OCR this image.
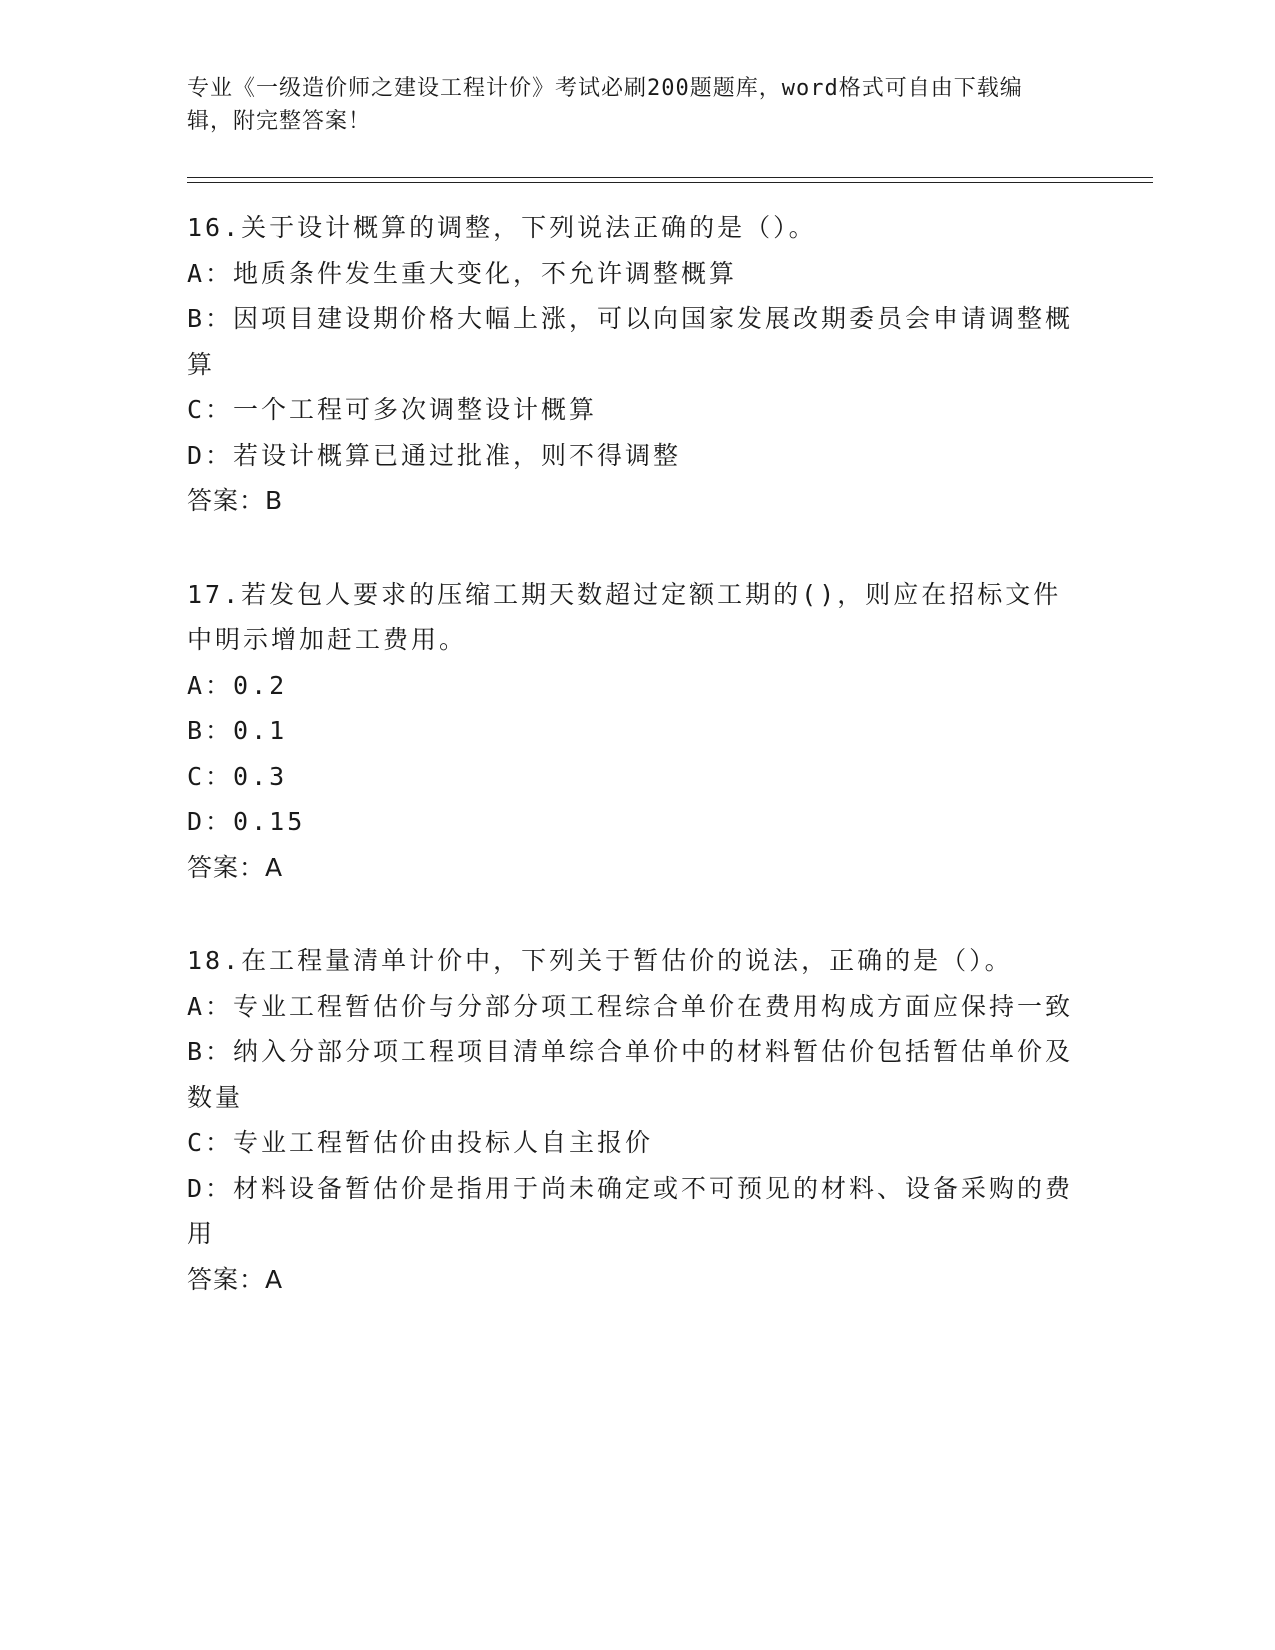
专业《一级造价师之建设工程计价》考试必刷200题题库，word格式可自由下载编辑，附完整答案！
16.关于设计概算的调整，下列说法正确的是（）。
A：地质条件发生重大变化，不允许调整概算
B：因项目建设期价格大幅上涨，可以向国家发展改期委员会申请调整概算
C：一个工程可多次调整设计概算
D：若设计概算已通过批准，则不得调整
答案：B
17.若发包人要求的压缩工期天数超过定额工期的()，则应在招标文件中明示增加赶工费用。
A：0.2
B：0.1
C：0.3
D：0.15
答案：A
18.在工程量清单计价中，下列关于暂估价的说法，正确的是（）。
A：专业工程暂估价与分部分项工程综合单价在费用构成方面应保持一致
B：纳入分部分项工程项目清单综合单价中的材料暂估价包括暂估单价及数量
C：专业工程暂估价由投标人自主报价
D：材料设备暂估价是指用于尚未确定或不可预见的材料、设备采购的费用
答案：A
